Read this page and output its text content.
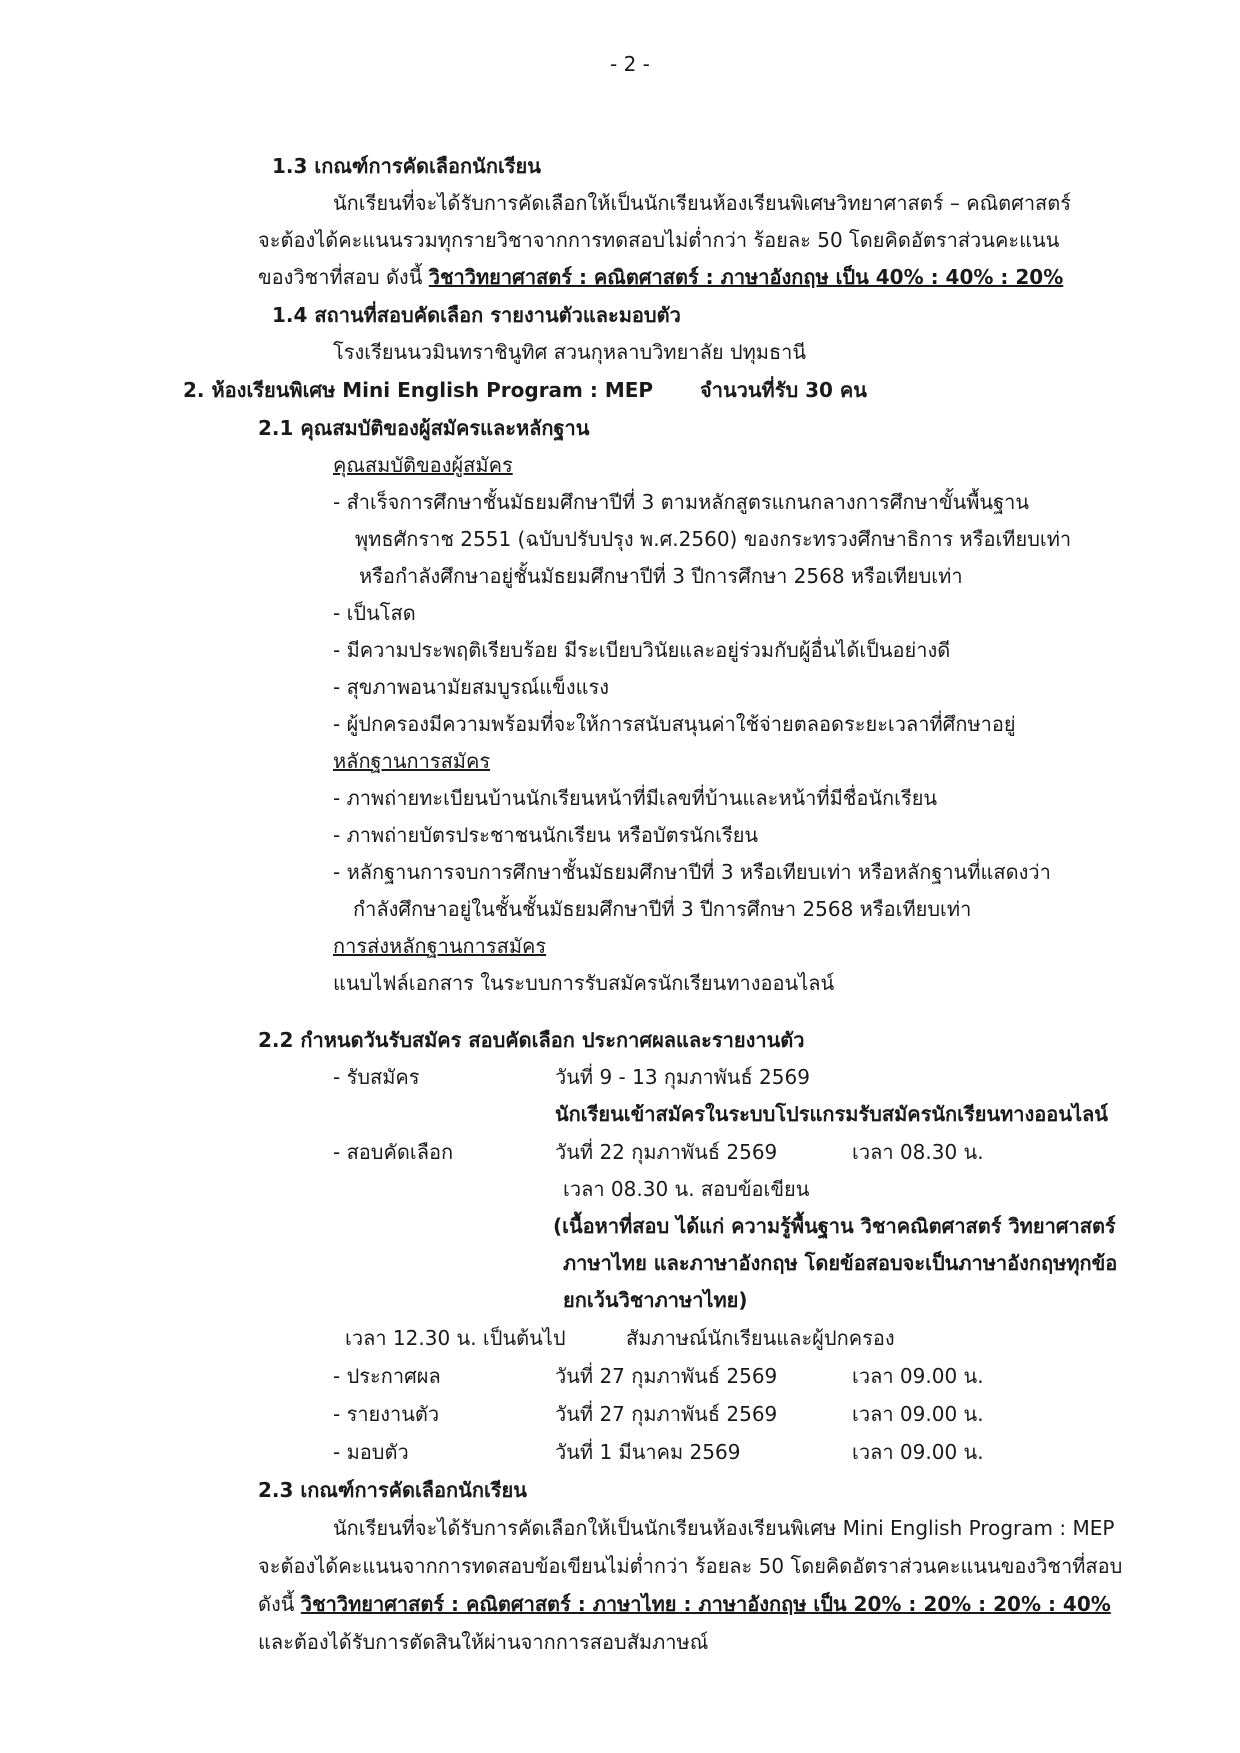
- 2 -
1.3 เกณฑ์การคัดเลือกนักเรียน
นักเรียนที่จะได้รับการคัดเลือกให้เป็นนักเรียนห้องเรียนพิเศษวิทยาศาสตร์ – คณิตศาสตร์
จะต้องได้คะแนนรวมทุกรายวิชาจากการทดสอบไม่ต่ำกว่า ร้อยละ 50 โดยคิดอัตราส่วนคะแนน
ของวิชาที่สอบ ดังนี้ วิชาวิทยาศาสตร์ : คณิตศาสตร์ : ภาษาอังกฤษ เป็น 40% : 40% : 20%
1.4 สถานที่สอบคัดเลือก รายงานตัวและมอบตัว
โรงเรียนนวมินทราชินูทิศ สวนกุหลาบวิทยาลัย ปทุมธานี
2. ห้องเรียนพิเศษ Mini English Program : MEP จำนวนที่รับ 30 คน
2.1 คุณสมบัติของผู้สมัครและหลักฐาน
คุณสมบัติของผู้สมัคร
- สำเร็จการศึกษาชั้นมัธยมศึกษาปีที่ 3 ตามหลักสูตรแกนกลางการศึกษาขั้นพื้นฐาน
พุทธศักราช 2551 (ฉบับปรับปรุง พ.ศ.2560) ของกระทรวงศึกษาธิการ หรือเทียบเท่า
หรือกำลังศึกษาอยู่ชั้นมัธยมศึกษาปีที่ 3 ปีการศึกษา 2568 หรือเทียบเท่า
- เป็นโสด
- มีความประพฤติเรียบร้อย มีระเบียบวินัยและอยู่ร่วมกับผู้อื่นได้เป็นอย่างดี
- สุขภาพอนามัยสมบูรณ์แข็งแรง
- ผู้ปกครองมีความพร้อมที่จะให้การสนับสนุนค่าใช้จ่ายตลอดระยะเวลาที่ศึกษาอยู่
หลักฐานการสมัคร
- ภาพถ่ายทะเบียนบ้านนักเรียนหน้าที่มีเลขที่บ้านและหน้าที่มีชื่อนักเรียน
- ภาพถ่ายบัตรประชาชนนักเรียน หรือบัตรนักเรียน
- หลักฐานการจบการศึกษาชั้นมัธยมศึกษาปีที่ 3 หรือเทียบเท่า หรือหลักฐานที่แสดงว่า
กำลังศึกษาอยู่ในชั้นชั้นมัธยมศึกษาปีที่ 3 ปีการศึกษา 2568 หรือเทียบเท่า
การส่งหลักฐานการสมัคร
แนบไฟล์เอกสาร ในระบบการรับสมัครนักเรียนทางออนไลน์
2.2 กำหนดวันรับสมัคร สอบคัดเลือก ประกาศผลและรายงานตัว
- รับสมัคร	วันที่ 9 - 13 กุมภาพันธ์ 2569
นักเรียนเข้าสมัครในระบบโปรแกรมรับสมัครนักเรียนทางออนไลน์
- สอบคัดเลือก	วันที่ 22 กุมภาพันธ์ 2569	เวลา 08.30 น.
เวลา 08.30 น. สอบข้อเขียน
(เนื้อหาที่สอบ ได้แก่ ความรู้พื้นฐาน วิชาคณิตศาสตร์ วิทยาศาสตร์
ภาษาไทย และภาษาอังกฤษ โดยข้อสอบจะเป็นภาษาอังกฤษทุกข้อ
ยกเว้นวิชาภาษาไทย)
เวลา 12.30 น. เป็นต้นไป	สัมภาษณ์นักเรียนและผู้ปกครอง
- ประกาศผล	วันที่ 27 กุมภาพันธ์ 2569	เวลา 09.00 น.
- รายงานตัว	วันที่ 27 กุมภาพันธ์ 2569	เวลา 09.00 น.
- มอบตัว	วันที่ 1 มีนาคม 2569	เวลา 09.00 น.
2.3 เกณฑ์การคัดเลือกนักเรียน
นักเรียนที่จะได้รับการคัดเลือกให้เป็นนักเรียนห้องเรียนพิเศษ Mini English Program : MEP
จะต้องได้คะแนนจากการทดสอบข้อเขียนไม่ต่ำกว่า ร้อยละ 50 โดยคิดอัตราส่วนคะแนนของวิชาที่สอบ
ดังนี้ วิชาวิทยาศาสตร์ : คณิตศาสตร์ : ภาษาไทย : ภาษาอังกฤษ เป็น 20% : 20% : 20% : 40%
และต้องได้รับการตัดสินให้ผ่านจากการสอบสัมภาษณ์
